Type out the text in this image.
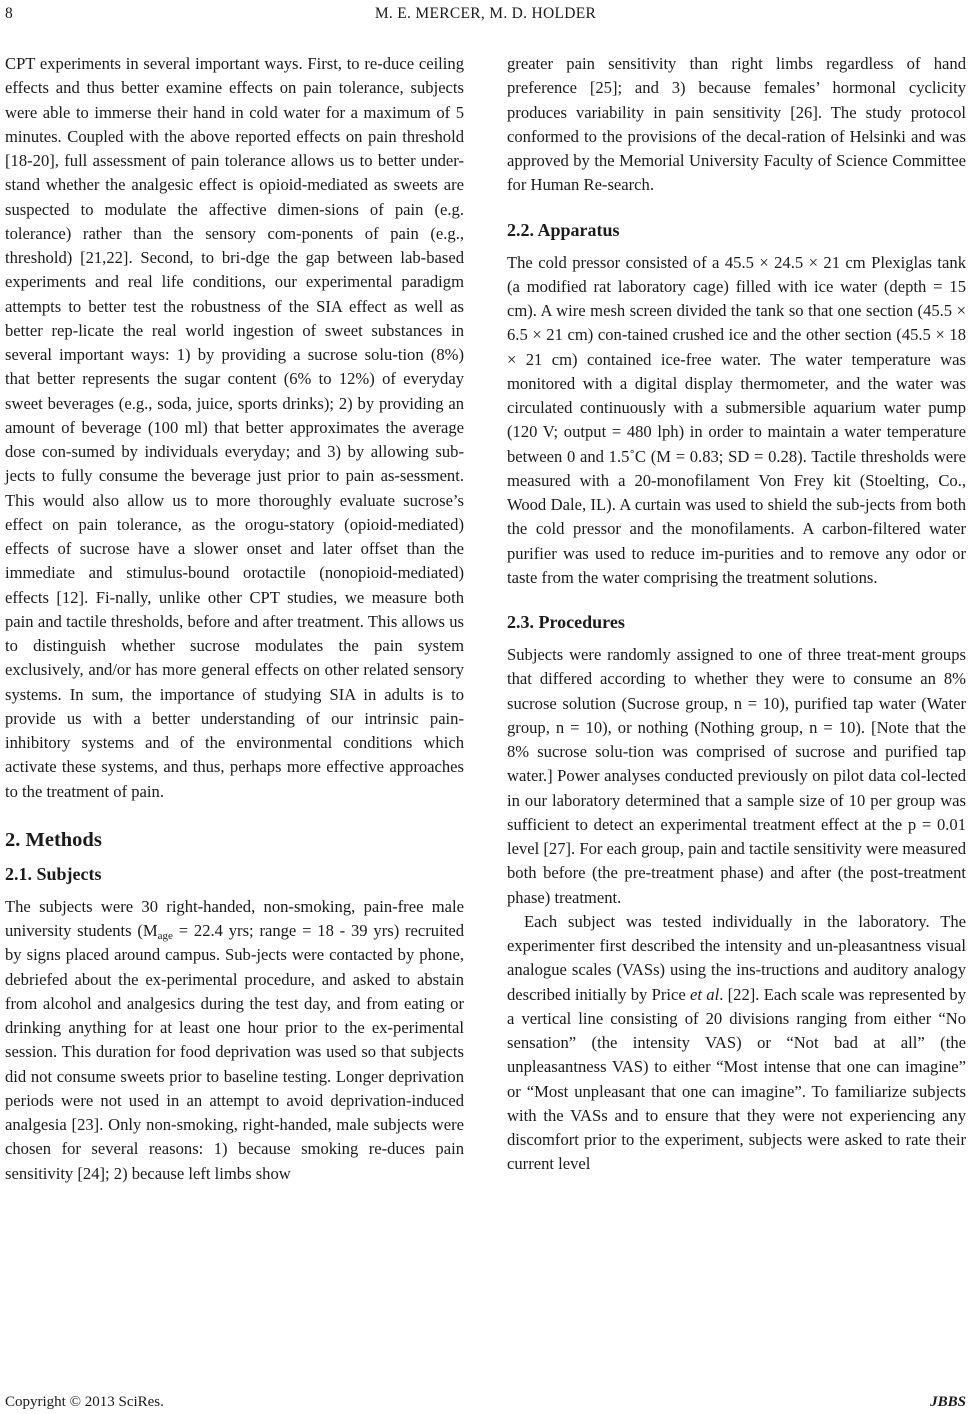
8	M. E. MERCER, M. D. HOLDER

CPT experiments in several important ways. First, to re-duce ceiling effects and thus better examine effects on pain tolerance, subjects were able to immerse their hand in cold water for a maximum of 5 minutes. Coupled with the above reported effects on pain threshold [18-20], full assessment of pain tolerance allows us to better under-stand whether the analgesic effect is opioid-mediated as sweets are suspected to modulate the affective dimen-sions of pain (e.g. tolerance) rather than the sensory com-ponents of pain (e.g., threshold) [21,22]. Second, to bri-dge the gap between lab-based experiments and real life conditions, our experimental paradigm attempts to better test the robustness of the SIA effect as well as better rep-licate the real world ingestion of sweet substances in several important ways: 1) by providing a sucrose solu-tion (8%) that better represents the sugar content (6% to 12%) of everyday sweet beverages (e.g., soda, juice, sports drinks); 2) by providing an amount of beverage (100 ml) that better approximates the average dose con-sumed by individuals everyday; and 3) by allowing sub-jects to fully consume the beverage just prior to pain as-sessment. This would also allow us to more thoroughly evaluate sucrose’s effect on pain tolerance, as the orogu-statory (opioid-mediated) effects of sucrose have a slower onset and later offset than the immediate and stimulus-bound orotactile (nonopioid-mediated) effects [12]. Fi-nally, unlike other CPT studies, we measure both pain and tactile thresholds, before and after treatment. This allows us to distinguish whether sucrose modulates the pain system exclusively, and/or has more general effects on other related sensory systems. In sum, the importance of studying SIA in adults is to provide us with a better understanding of our intrinsic pain-inhibitory systems and of the environmental conditions which activate these systems, and thus, perhaps more effective approaches to the treatment of pain.

2. Methods
2.1. Subjects

The subjects were 30 right-handed, non-smoking, pain-free male university students ($M_{age} = 22.4$ yrs; range = 18 - 39 yrs) recruited by signs placed around campus. Sub-jects were contacted by phone, debriefed about the ex-perimental procedure, and asked to abstain from alcohol and analgesics during the test day, and from eating or drinking anything for at least one hour prior to the ex-perimental session. This duration for food deprivation was used so that subjects did not consume sweets prior to baseline testing. Longer deprivation periods were not used in an attempt to avoid deprivation-induced analgesia [23]. Only non-smoking, right-handed, male subjects were chosen for several reasons: 1) because smoking re-duces pain sensitivity [24]; 2) because left limbs show

greater pain sensitivity than right limbs regardless of hand preference [25]; and 3) because females’ hormonal cyclicity produces variability in pain sensitivity [26]. The study protocol conformed to the provisions of the decal-ration of Helsinki and was approved by the Memorial University Faculty of Science Committee for Human Re-search.

2.2. Apparatus

The cold pressor consisted of a 45.5 × 24.5 × 21 cm Plexiglas tank (a modified rat laboratory cage) filled with ice water (depth = 15 cm). A wire mesh screen divided the tank so that one section (45.5 × 6.5 × 21 cm) con-tained crushed ice and the other section (45.5 × 18 × 21 cm) contained ice-free water. The water temperature was monitored with a digital display thermometer, and the water was circulated continuously with a submersible aquarium water pump (120 V; output = 480 lph) in order to maintain a water temperature between 0 and 1.5˚C (M = 0.83; SD = 0.28). Tactile thresholds were measured with a 20-monofilament Von Frey kit (Stoelting, Co., Wood Dale, IL). A curtain was used to shield the sub-jects from both the cold pressor and the monofilaments. A carbon-filtered water purifier was used to reduce im-purities and to remove any odor or taste from the water comprising the treatment solutions.

2.3. Procedures

Subjects were randomly assigned to one of three treat-ment groups that differed according to whether they were to consume an 8% sucrose solution (Sucrose group, n = 10), purified tap water (Water group, n = 10), or nothing (Nothing group, n = 10). [Note that the 8% sucrose solu-tion was comprised of sucrose and purified tap water.] Power analyses conducted previously on pilot data col-lected in our laboratory determined that a sample size of 10 per group was sufficient to detect an experimental treatment effect at the p = 0.01 level [27]. For each group, pain and tactile sensitivity were measured both before (the pre-treatment phase) and after (the post-treatment phase) treatment.

Each subject was tested individually in the laboratory. The experimenter first described the intensity and un-pleasantness visual analogue scales (VASs) using the ins-tructions and auditory analogy described initially by Price et al. [22]. Each scale was represented by a vertical line consisting of 20 divisions ranging from either “No sensation” (the intensity VAS) or “Not bad at all” (the unpleasantness VAS) to either “Most intense that one can imagine” or “Most unpleasant that one can imagine”. To familiarize subjects with the VASs and to ensure that they were not experiencing any discomfort prior to the experiment, subjects were asked to rate their current level

Copyright © 2013 SciRes.	JBBS
